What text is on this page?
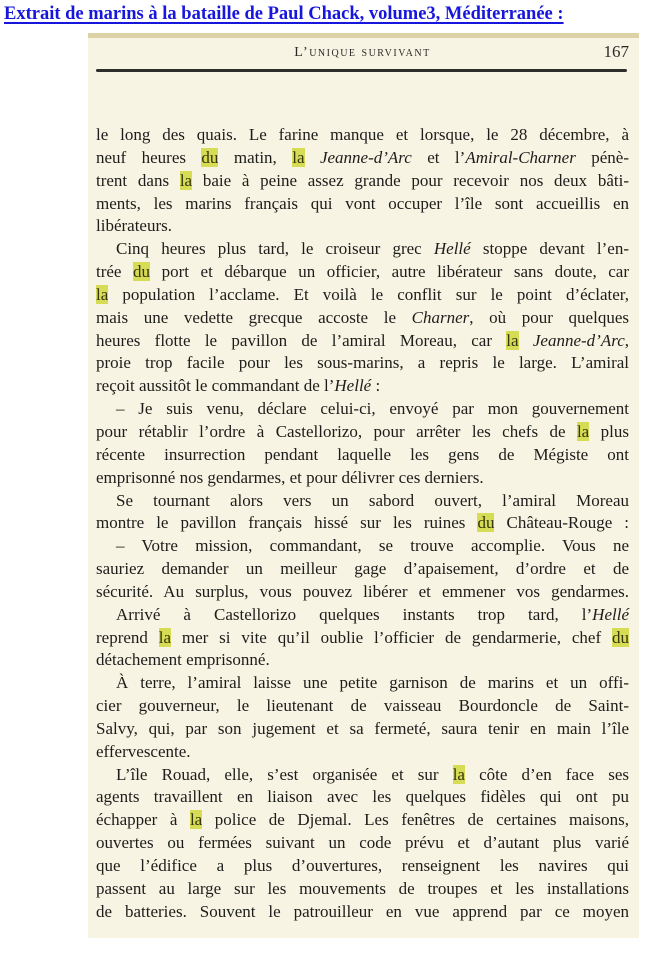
Extrait de marins à la bataille de Paul Chack, volume3, Méditerranée :
L’unique survivant	167
le long des quais. Le farine manque et lorsque, le 28 décembre, à
neuf heures du matin, la Jeanne-d’Arc et l’Amiral-Charner pénè-
trent dans la baie à peine assez grande pour recevoir nos deux bâti-
ments, les marins français qui vont occuper l’île sont accueillis en
libérateurs.
Cinq heures plus tard, le croiseur grec Hellé stoppe devant l’en-
trée du port et débarque un officier, autre libérateur sans doute, car
la population l’acclame. Et voilà le conflit sur le point d’éclater,
mais une vedette grecque accoste le Charner, où pour quelques
heures flotte le pavillon de l’amiral Moreau, car la Jeanne-d’Arc,
proie trop facile pour les sous-marins, a repris le large. L’amiral
reçoit aussitôt le commandant de l’Hellé :
– Je suis venu, déclare celui-ci, envoyé par mon gouvernement
pour rétablir l’ordre à Castellorizo, pour arrêter les chefs de la plus
récente insurrection pendant laquelle les gens de Mégiste ont
emprisonné nos gendarmes, et pour délivrer ces derniers.
Se tournant alors vers un sabord ouvert, l’amiral Moreau
montre le pavillon français hissé sur les ruines du Château-Rouge :
– Votre mission, commandant, se trouve accomplie. Vous ne
sauriez demander un meilleur gage d’apaisement, d’ordre et de
sécurité. Au surplus, vous pouvez libérer et emmener vos gendarmes.
Arrivé à Castellorizo quelques instants trop tard, l’Hellé
reprend la mer si vite qu’il oublie l’officier de gendarmerie, chef du
détachement emprisonné.
À terre, l’amiral laisse une petite garnison de marins et un offi-
cier gouverneur, le lieutenant de vaisseau Bourdoncle de Saint-
Salvy, qui, par son jugement et sa fermeté, saura tenir en main l’île
effervescente.
L’île Rouad, elle, s’est organisée et sur la côte d’en face ses
agents travaillent en liaison avec les quelques fidèles qui ont pu
échapper à la police de Djemal. Les fenêtres de certaines maisons,
ouvertes ou fermées suivant un code prévu et d’autant plus varié
que l’édifice a plus d’ouvertures, renseignent les navires qui
passent au large sur les mouvements de troupes et les installations
de batteries. Souvent le patrouilleur en vue apprend par ce moyen
